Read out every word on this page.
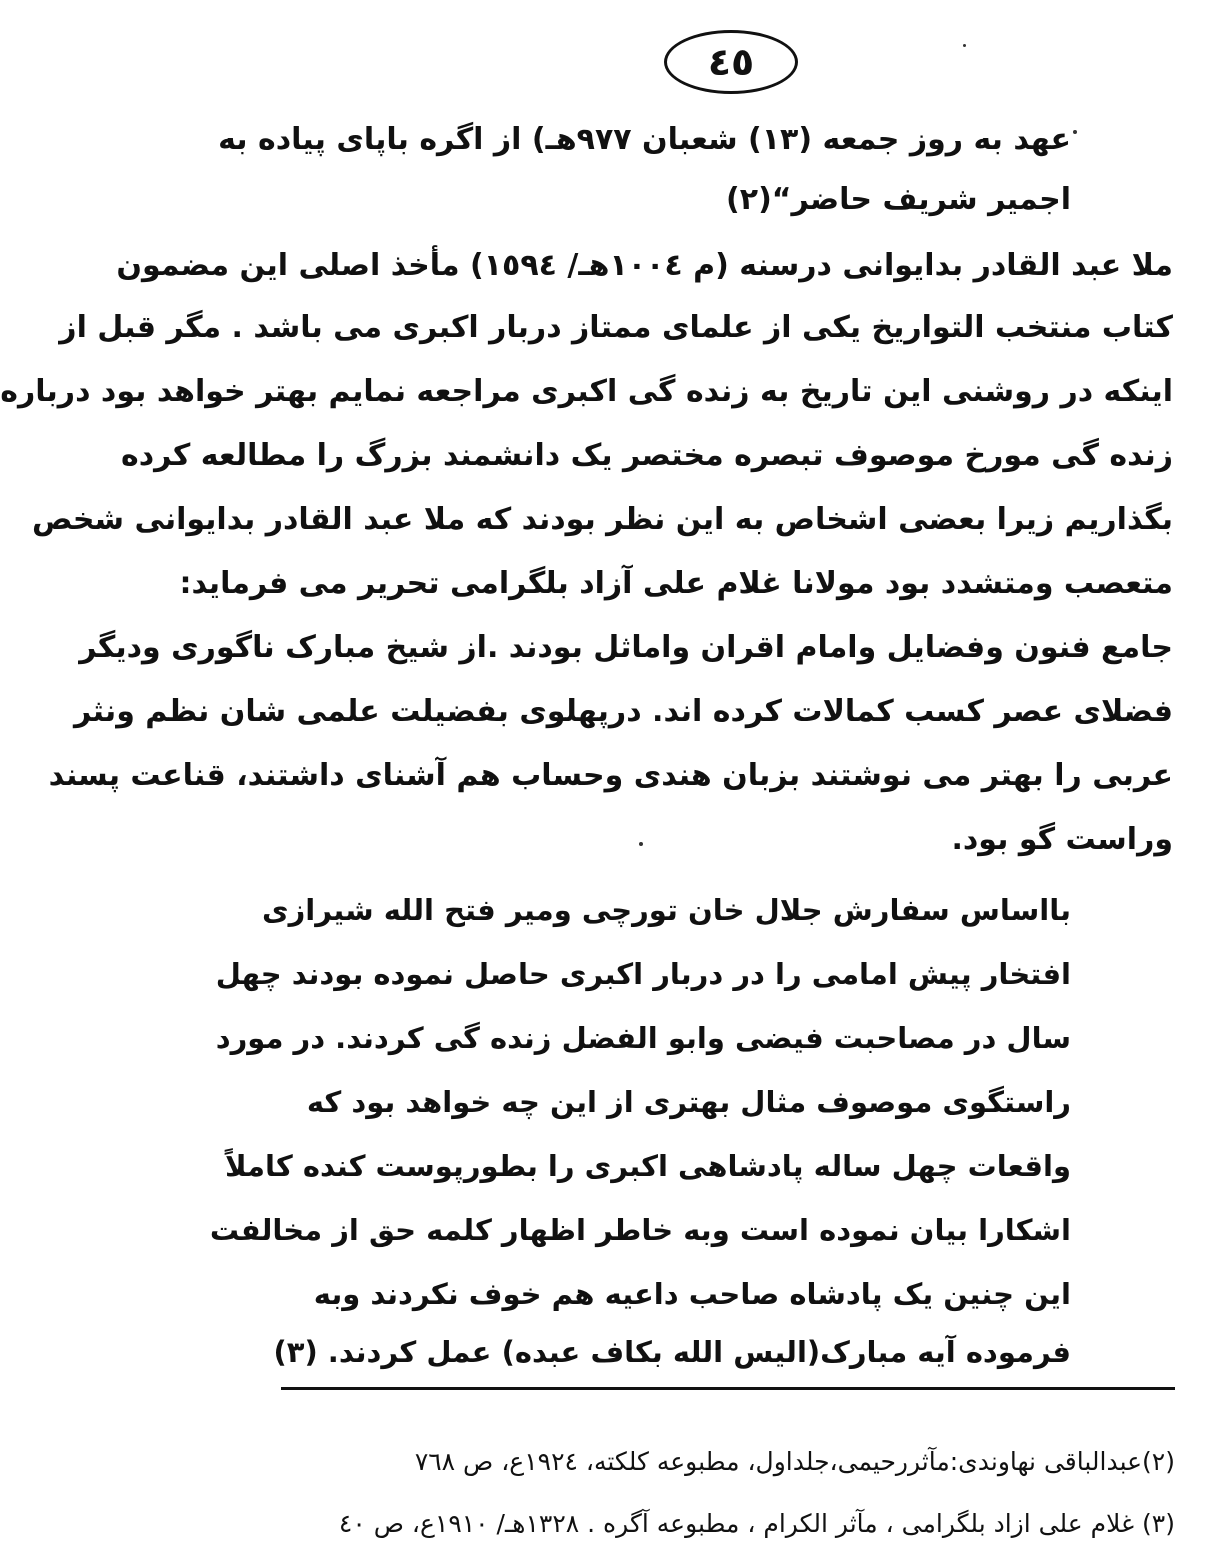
٤٥

عهد به روز جمعه (۱۳) شعبان ۹۷۷هـ) از اگره باپای پیاده به

اجمیر شریف حاضر“(۲)

ملا عبد القادر بدایوانی درسنه (م ١٠٠٤هـ/ ١٥٩٤) مأخذ اصلی این مضمون

کتاب منتخب التواریخ یکی از علمای ممتاز دربار اکبری می باشد . مگر قبل از

اینکه در روشنی این تاریخ به زنده گی اکبری مراجعه نمایم بهتر خواهد بود درباره

زنده گی مورخ موصوف تبصره مختصر یک دانشمند بزرگ را مطالعه کرده

بگذاریم زیرا بعضی اشخاص به این نظر بودند که ملا عبد القادر بدایوانی شخص

متعصب ومتشدد بود مولانا غلام علی آزاد بلگرامی تحریر می فرماید:

جامع فنون وفضایل وامام اقران واماثل بودند .از شیخ مبارک ناگوری ودیگر

فضلای عصر کسب کمالات کرده اند. درپهلوی بفضیلت علمی شان نظم ونثر

عربی را بهتر می نوشتند بزبان هندی وحساب هم آشنای داشتند، قناعت پسند

وراست گو بود.

بااساس سفارش جلال خان تورچی ومیر فتح الله شیرازی

افتخار پیش امامی را در دربار اکبری حاصل نموده بودند چهل

سال در مصاحبت فیضی وابو الفضل زنده گی کردند. در مورد

راستگوی موصوف مثال بهتری از این چه خواهد بود که

واقعات چهل ساله پادشاهی اکبری را بطورپوست کنده کاملاً

اشکارا بیان نموده است وبه خاطر اظهار کلمه حق از مخالفت

این چنین یک پادشاه صاحب داعیه هم خوف نکردند وبه

فرموده آیه مبارک(الیس الله بکاف عبده) عمل کردند. (۳)

(۲)عبدالباقی نهاوندی:مآثررحیمی،جلداول، مطبوعه کلکته، ١٩٢٤ع، ص ٧٦٨

(۳) غلام علی ازاد بلگرامی ، مآثر الکرام ، مطبوعه آگره . ١٣٢٨هـ/ ١٩١٠ع، ص ٤٠
